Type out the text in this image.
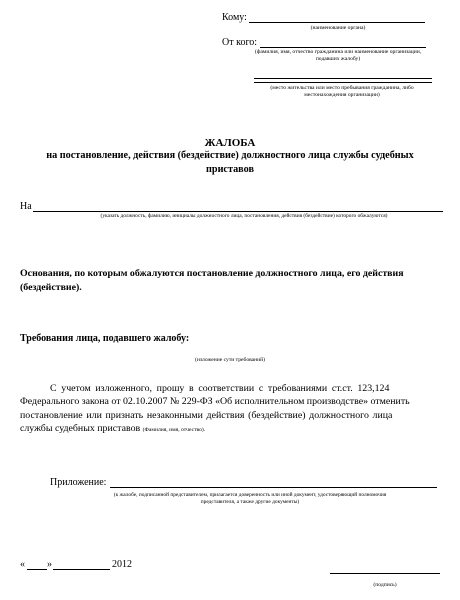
Кому:
(наименование органа)
От кого:
(фамилия, имя, отчество гражданина или наименование организации,
подавших жалобу)
(место жительства или место пребывания гражданина, либо
местонахождения организации)
ЖАЛОБА
на постановление, действия (бездействие) должностного лица службы судебных
приставов
На
(указать должность, фамилию, инициалы должностного лица, постановления, действия (бездействие) которого обжалуются)
Основания, по которым обжалуются постановление должностного лица, его действия
(бездействие).
Требования лица, подавшего жалобу:
(изложение сути требований)
С учетом изложенного, прошу в соответствии с требованиями ст.ст. 123,124
Федерального закона от 02.10.2007 № 229-ФЗ «Об исполнительном производстве» отменить
постановление или признать незаконными действия (бездействие) должностного лица
службы судебных приставов (Фамилия, имя, отчество).
Приложение:
(к жалобе, подписанной представителем, прилагается доверенность или иной документ, удостоверяющий полномочия
представителя, а также другие документы)
« »	2012
(подпись)
